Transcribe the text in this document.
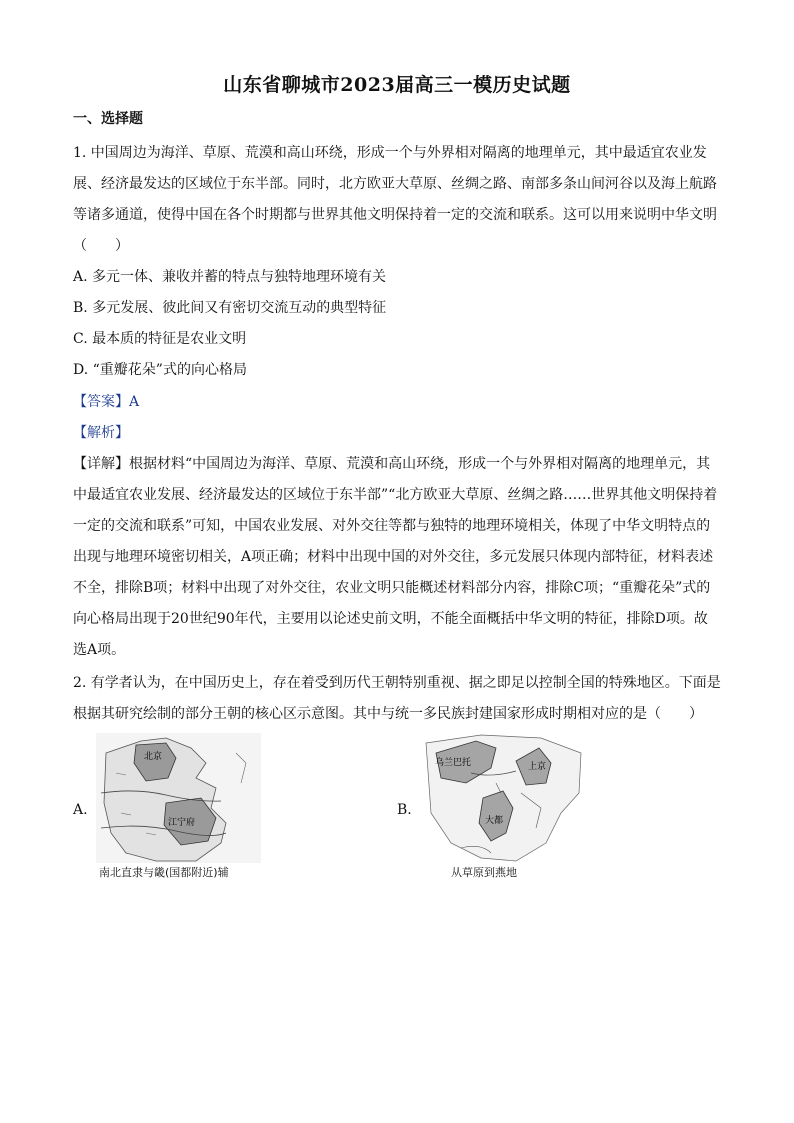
山东省聊城市2023届高三一模历史试题
一、选择题
1. 中国周边为海洋、草原、荒漠和高山环绕，形成一个与外界相对隔离的地理单元，其中最适宜农业发
展、经济最发达的区域位于东半部。同时，北方欧亚大草原、丝绸之路、南部多条山间河谷以及海上航路
等诸多通道，使得中国在各个时期都与世界其他文明保持着一定的交流和联系。这可以用来说明中华文明
（　　）
A. 多元一体、兼收并蓄的特点与独特地理环境有关
B. 多元发展、彼此间又有密切交流互动的典型特征
C. 最本质的特征是农业文明
D. “重瓣花朵”式的向心格局
【答案】A
【解析】
【详解】根据材料“中国周边为海洋、草原、荒漠和高山环绕，形成一个与外界相对隔离的地理单元，其
中最适宜农业发展、经济最发达的区域位于东半部”“北方欧亚大草原、丝绸之路……世界其他文明保持着
一定的交流和联系”可知，中国农业发展、对外交往等都与独特的地理环境相关，体现了中华文明特点的
出现与地理环境密切相关，A项正确；材料中出现中国的对外交往，多元发展只体现内部特征，材料表述
不全，排除B项；材料中出现了对外交往，农业文明只能概述材料部分内容，排除C项；“重瓣花朵”式的
向心格局出现于20世纪90年代，主要用以论述史前文明，不能全面概括中华文明的特征，排除D项。故
选A项。
2. 有学者认为，在中国历史上，存在着受到历代王朝特别重视、据之即足以控制全国的特殊地区。下面是
根据其研究绘制的部分王朝的核心区示意图。其中与统一多民族封建国家形成时期相对应的是（　　）
A.
北京
江宁府
南北直隶与畿(国都附近)辅
B.
乌兰巴托	上京
大都
从草原到燕地
